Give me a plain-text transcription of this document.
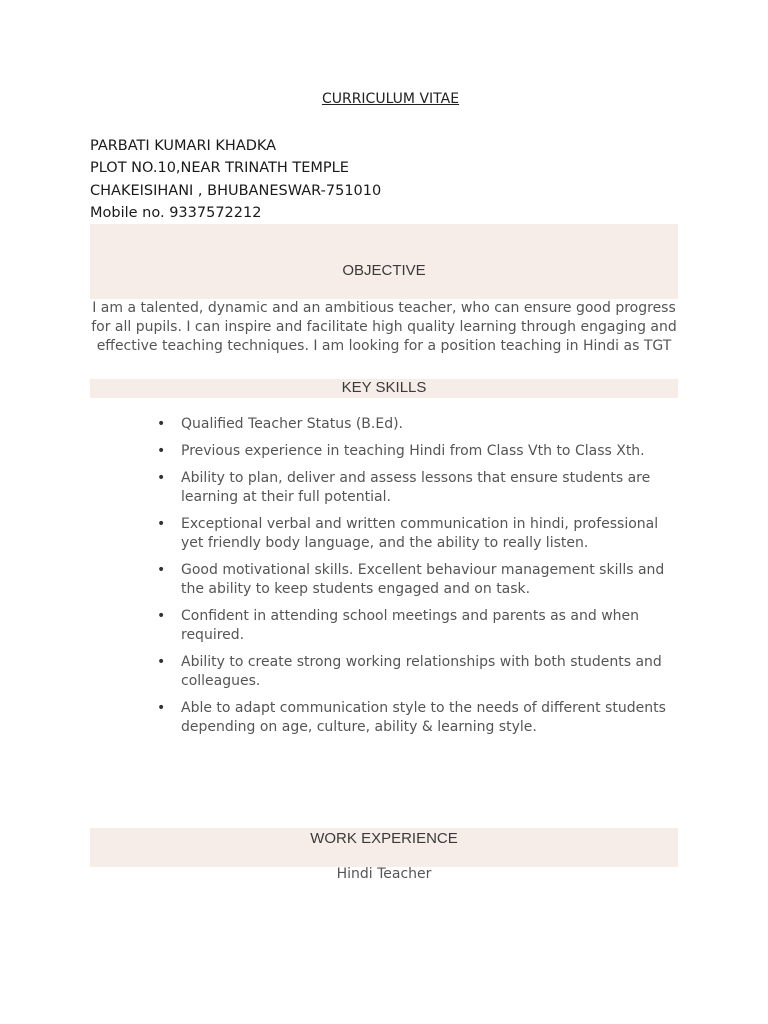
CURRICULUM VITAE
PARBATI KUMARI KHADKA
PLOT NO.10,NEAR TRINATH TEMPLE
CHAKEISIHANI , BHUBANESWAR-751010
Mobile no. 9337572212
OBJECTIVE
I am a talented, dynamic and an ambitious teacher, who can ensure good progress for all pupils. I can inspire and facilitate high quality learning through engaging and effective teaching techniques. I am looking for a position teaching in Hindi as TGT
KEY SKILLS
• Qualified Teacher Status (B.Ed).
• Previous experience in teaching Hindi from Class Vth to Class Xth.
• Ability to plan, deliver and assess lessons that ensure students are learning at their full potential.
• Exceptional verbal and written communication in hindi, professional yet friendly body language, and the ability to really listen.
• Good motivational skills. Excellent behaviour management skills and the ability to keep students engaged and on task.
• Confident in attending school meetings and parents as and when required.
• Ability to create strong working relationships with both students and colleagues.
• Able to adapt communication style to the needs of different students depending on age, culture, ability & learning style.
WORK EXPERIENCE
Hindi Teacher
